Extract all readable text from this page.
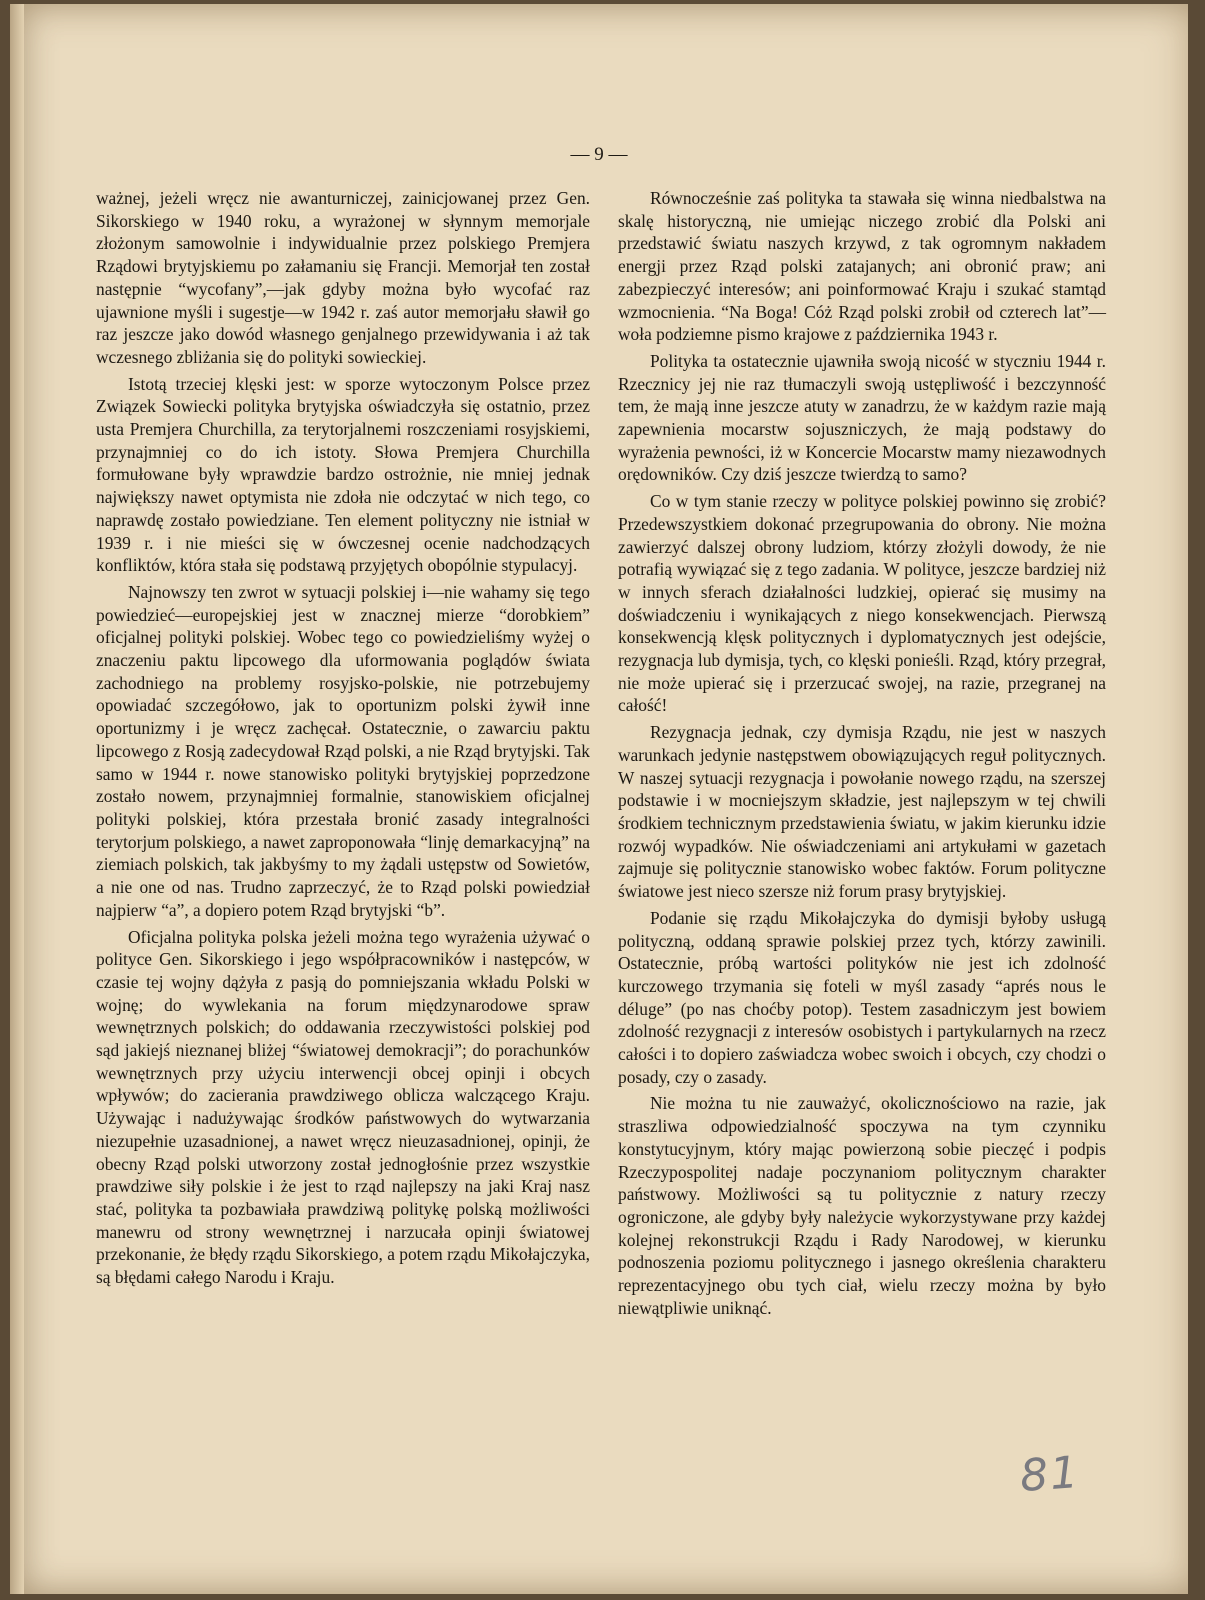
— 9 —

ważnej, jeżeli wręcz nie awanturniczej, zainicjowanej przez Gen. Sikorskiego w 1940 roku, a wyrażonej w słynnym memorjale złożonym samowolnie i indywidualnie przez polskiego Premjera Rządowi brytyjskiemu po załamaniu się Francji. Memorjał ten został następnie “wycofany”,—jak gdyby można było wycofać raz ujawnione myśli i sugestje—w 1942 r. zaś autor memorjału sławił go raz jeszcze jako dowód własnego genjalnego przewidywania i aż tak wczesnego zbliżania się do polityki sowieckiej.

Istotą trzeciej klęski jest: w sporze wytoczonym Polsce przez Związek Sowiecki polityka brytyjska oświadczyła się ostatnio, przez usta Premjera Churchilla, za terytorjalnemi roszczeniami rosyjskiemi, przynajmniej co do ich istoty. Słowa Premjera Churchilla formułowane były wprawdzie bardzo ostrożnie, nie mniej jednak największy nawet optymista nie zdoła nie odczytać w nich tego, co naprawdę zostało powiedziane. Ten element polityczny nie istniał w 1939 r. i nie mieści się w ówczesnej ocenie nadchodzących konfliktów, która stała się podstawą przyjętych obopólnie stypulacyj.

Najnowszy ten zwrot w sytuacji polskiej i—nie wahamy się tego powiedzieć—europejskiej jest w znacznej mierze “dorobkiem” oficjalnej polityki polskiej. Wobec tego co powiedzieliśmy wyżej o znaczeniu paktu lipcowego dla uformowania poglądów świata zachodniego na problemy rosyjsko-polskie, nie potrzebujemy opowiadać szczegółowo, jak to oportunizm polski żywił inne oportunizmy i je wręcz zachęcał. Ostatecznie, o zawarciu paktu lipcowego z Rosją zadecydował Rząd polski, a nie Rząd brytyjski. Tak samo w 1944 r. nowe stanowisko polityki brytyjskiej poprzedzone zostało nowem, przynajmniej formalnie, stanowiskiem oficjalnej polityki polskiej, która przestała bronić zasady integralności terytorjum polskiego, a nawet zaproponowała “linję demarkacyjną” na ziemiach polskich, tak jakbyśmy to my żądali ustępstw od Sowietów, a nie one od nas. Trudno zaprzeczyć, że to Rząd polski powiedział najpierw “a”, a dopiero potem Rząd brytyjski “b”.

Oficjalna polityka polska jeżeli można tego wyrażenia używać o polityce Gen. Sikorskiego i jego współpracowników i następców, w czasie tej wojny dążyła z pasją do pomniejszania wkładu Polski w wojnę; do wywlekania na forum międzynarodowe spraw wewnętrznych polskich; do oddawania rzeczywistości polskiej pod sąd jakiejś nieznanej bliżej “światowej demokracji”; do porachunków wewnętrznych przy użyciu interwencji obcej opinji i obcych wpływów; do zacierania prawdziwego oblicza walczącego Kraju. Używając i nadużywając środków państwowych do wytwarzania niezupełnie uzasadnionej, a nawet wręcz nieuzasadnionej, opinji, że obecny Rząd polski utworzony został jednogłośnie przez wszystkie prawdziwe siły polskie i że jest to rząd najlepszy na jaki Kraj nasz stać, polityka ta pozbawiała prawdziwą politykę polską możliwości manewru od strony wewnętrznej i narzucała opinji światowej przekonanie, że błędy rządu Sikorskiego, a potem rządu Mikołajczyka, są błędami całego Narodu i Kraju.

Równocześnie zaś polityka ta stawała się winna niedbalstwa na skalę historyczną, nie umiejąc niczego zrobić dla Polski ani przedstawić światu naszych krzywd, z tak ogromnym nakładem energji przez Rząd polski zatajanych; ani obronić praw; ani zabezpieczyć interesów; ani poinformować Kraju i szukać stamtąd wzmocnienia. “Na Boga! Cóż Rząd polski zrobił od czterech lat”—woła podziemne pismo krajowe z października 1943 r.

Polityka ta ostatecznie ujawniła swoją nicość w styczniu 1944 r. Rzecznicy jej nie raz tłumaczyli swoją ustępliwość i bezczynność tem, że mają inne jeszcze atuty w zanadrzu, że w każdym razie mają zapewnienia mocarstw sojuszniczych, że mają podstawy do wyrażenia pewności, iż w Koncercie Mocarstw mamy niezawodnych orędowników. Czy dziś jeszcze twierdzą to samo?

Co w tym stanie rzeczy w polityce polskiej powinno się zrobić? Przedewszystkiem dokonać przegrupowania do obrony. Nie można zawierzyć dalszej obrony ludziom, którzy złożyli dowody, że nie potrafią wywiązać się z tego zadania. W polityce, jeszcze bardziej niż w innych sferach działalności ludzkiej, opierać się musimy na doświadczeniu i wynikających z niego konsekwencjach. Pierwszą konsekwencją klęsk politycznych i dyplomatycznych jest odejście, rezygnacja lub dymisja, tych, co klęski ponieśli. Rząd, który przegrał, nie może upierać się i przerzucać swojej, na razie, przegranej na całość!

Rezygnacja jednak, czy dymisja Rządu, nie jest w naszych warunkach jedynie następstwem obowiązujących reguł politycznych. W naszej sytuacji rezygnacja i powołanie nowego rządu, na szerszej podstawie i w mocniejszym składzie, jest najlepszym w tej chwili środkiem technicznym przedstawienia światu, w jakim kierunku idzie rozwój wypadków. Nie oświadczeniami ani artykułami w gazetach zajmuje się politycznie stanowisko wobec faktów. Forum polityczne światowe jest nieco szersze niż forum prasy brytyjskiej.

Podanie się rządu Mikołajczyka do dymisji byłoby usługą polityczną, oddaną sprawie polskiej przez tych, którzy zawinili. Ostatecznie, próbą wartości polityków nie jest ich zdolność kurczowego trzymania się foteli w myśl zasady “aprés nous le déluge” (po nas choćby potop). Testem zasadniczym jest bowiem zdolność rezygnacji z interesów osobistych i partykularnych na rzecz całości i to dopiero zaświadcza wobec swoich i obcych, czy chodzi o posady, czy o zasady.

Nie można tu nie zauważyć, okolicznościowo na razie, jak straszliwa odpowiedzialność spoczywa na tym czynniku konstytucyjnym, który mając powierzoną sobie pieczęć i podpis Rzeczypospolitej nadaje poczynaniom politycznym charakter państwowy. Możliwości są tu politycznie z natury rzeczy ogroniczone, ale gdyby były należycie wykorzystywane przy każdej kolejnej rekonstrukcji Rządu i Rady Narodowej, w kierunku podnoszenia poziomu politycznego i jasnego określenia charakteru reprezentacyjnego obu tych ciał, wielu rzeczy można by było niewątpliwie uniknąć.

81
